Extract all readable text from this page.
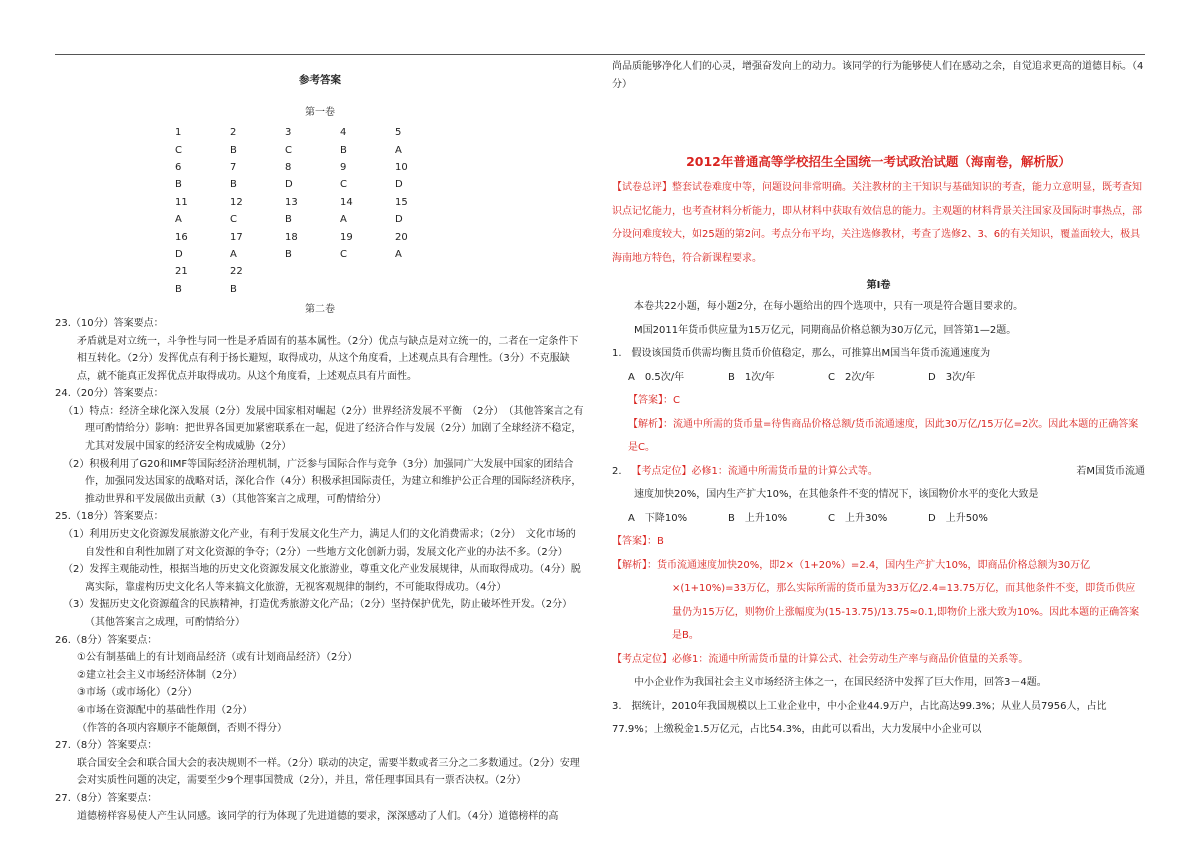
参考答案
第一卷
1	2	3	4	5
C	B	C	B	A
6	7	8	9	10
B	B	D	C	D
11	12	13	14	15
A	C	B	A	D
16	17	18	19	20
D	A	B	C	A
21	22			
B	B			
第二卷

23.（10分）答案要点：

矛盾就是对立统一，斗争性与同一性是矛盾固有的基本属性。（2分）优点与缺点是对立统一的，二者在一定条件下相互转化。（2分）发挥优点有利于扬长避短，取得成功，从这个角度看，上述观点具有合理性。（3分）不克服缺点，就不能真正发挥优点并取得成功。从这个角度看，上述观点具有片面性。

24.（20分）答案要点：

（1）特点：经济全球化深入发展（2分）发展中国家相对崛起（2分）世界经济发展不平衡　（2分）　（其他答案言之有理可酌情给分）影响：把世界各国更加紧密联系在一起，促进了经济合作与发展（2分）加剧了全球经济不稳定，尤其对发展中国家的经济安全构成威胁（2分）

（2）积极利用了G20和IMF等国际经济治理机制，广泛参与国际合作与竞争（3分）加强同广大发展中国家的团结合作，加强同发达国家的战略对话，深化合作（4分）积极承担国际责任，为建立和维护公正合理的国际经济秩序，推动世界和平发展做出贡献（3）（其他答案言之成理，可酌情给分）

25.（18分）答案要点：

（1）利用历史文化资源发展旅游文化产业，有利于发展文化生产力，满足人们的文化消费需求；（2分）　文化市场的自发性和自利性加剧了对文化资源的争夺；（2分）一些地方文化创新力弱，发展文化产业的办法不多。（2分）

（2）发挥主观能动性，根据当地的历史文化资源发展文化旅游业，尊重文化产业发展规律，从而取得成功。（4分）脱离实际，靠虚构历史文化名人等来搞文化旅游，无视客观规律的制约，不可能取得成功。（4分）

（3）发掘历史文化资源蕴含的民族精神，打造优秀旅游文化产品；（2分）坚持保护优先，防止破坏性开发。（2分）（其他答案言之成理，可酌情给分）

26.（8分）答案要点：

①公有制基础上的有计划商品经济（或有计划商品经济）（2分）

②建立社会主义市场经济体制（2分）

③市场（或市场化）（2分）

④市场在资源配中的基础性作用（2分）

（作答的各项内容顺序不能颠倒，否则不得分）

27.（8分）答案要点：

联合国安全会和联合国大会的表决规则不一样。（2分）联动的决定，需要半数或者三分之二多数通过。（2分）安理会对实质性问题的决定，需要至少9个理事国赞成（2分），并且，常任理事国具有一票否决权。（2分）

27.（8分）答案要点：

道德榜样容易使人产生认同感。该同学的行为体现了先进道德的要求，深深感动了人们。（4分）道德榜样的高

尚品质能够净化人们的心灵，增强奋发向上的动力。该同学的行为能够使人们在感动之余，自觉追求更高的道德目标。（4分）

2012年普通高等学校招生全国统一考试政治试题（海南卷，解析版）

【试卷总评】整套试卷难度中等，问题设问非常明确。关注教材的主干知识与基础知识的考查，能力立意明显，既考查知识点记忆能力，也考查材料分析能力，即从材料中获取有效信息的能力。主观题的材料背景关注国家及国际时事热点，部分设问难度较大，如25题的第2问。考点分布平均，关注选修教材，考查了选修2、3、6的有关知识，覆盖面较大，极具海南地方特色，符合新课程要求。

第Ⅰ卷

本卷共22小题，每小题2分，在每小题给出的四个选项中，只有一项是符合题目要求的。

M国2011年货币供应量为15万亿元，同期商品价格总额为30万亿元，回答第1—2题。

1.　假设该国货币供需均衡且货币价值稳定，那么，可推算出M国当年货币流通速度为

A　0.5次/年	B　1次/年	C　2次/年	D　3次/年

【答案】：C

【解析】：流通中所需的货币量=待售商品价格总额/货币流通速度，因此30万亿/15万亿=2次。因此本题的正确答案是C。

2. 【考点定位】必修1：流通中所需货币量的计算公式等。	若M国货币流通

速度加快20%，国内生产扩大10%，在其他条件不变的情况下，该国物价水平的变化大致是

A　下降10%	B　上升10%	C　上升30%	D　上升50%

【答案】：B

【解析】：货币流通速度加快20%，即2×（1+20%）=2.4，国内生产扩大10%，即商品价格总额为30万亿×(1+10%)=33万亿，那么实际所需的货币量为33万亿/2.4=13.75万亿，而其他条件不变，即货币供应量仍为15万亿，则物价上涨幅度为(15-13.75)/13.75≈0.1,即物价上涨大致为10%。因此本题的正确答案是B。

【考点定位】必修1：流通中所需货币量的计算公式、社会劳动生产率与商品价值量的关系等。

中小企业作为我国社会主义市场经济主体之一，在国民经济中发挥了巨大作用，回答3－4题。

3.　据统计，2010年我国规模以上工业企业中，中小企业44.9万户，占比高达99.3%；从业人员7956人，占比77.9%；上缴税金1.5万亿元，占比54.3%，由此可以看出，大力发展中小企业可以
